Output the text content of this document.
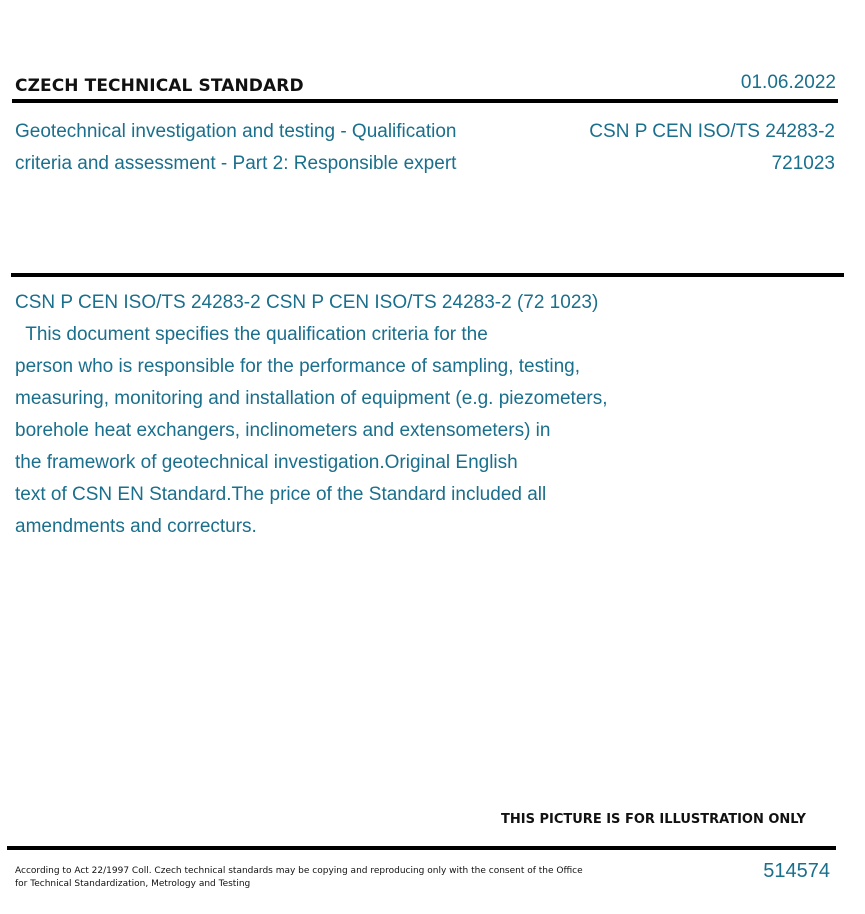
CZECH TECHNICAL STANDARD	01.06.2022
Geotechnical investigation and testing - Qualification
criteria and assessment - Part 2: Responsible expert
CSN P CEN ISO/TS 24283-2
721023
CSN P CEN ISO/TS 24283-2 CSN P CEN ISO/TS 24283-2 (72 1023)
This document specifies the qualification criteria for the
person who is responsible for the performance of sampling, testing,
measuring, monitoring and installation of equipment (e.g. piezometers,
borehole heat exchangers, inclinometers and extensometers) in
the framework of geotechnical investigation.Original English
text of CSN EN Standard.The price of the Standard included all
amendments and correcturs.
THIS PICTURE IS FOR ILLUSTRATION ONLY
According to Act 22/1997 Coll. Czech technical standards may be copying and reproducing only with the consent of the Office
for Technical Standardization, Metrology and Testing
514574
